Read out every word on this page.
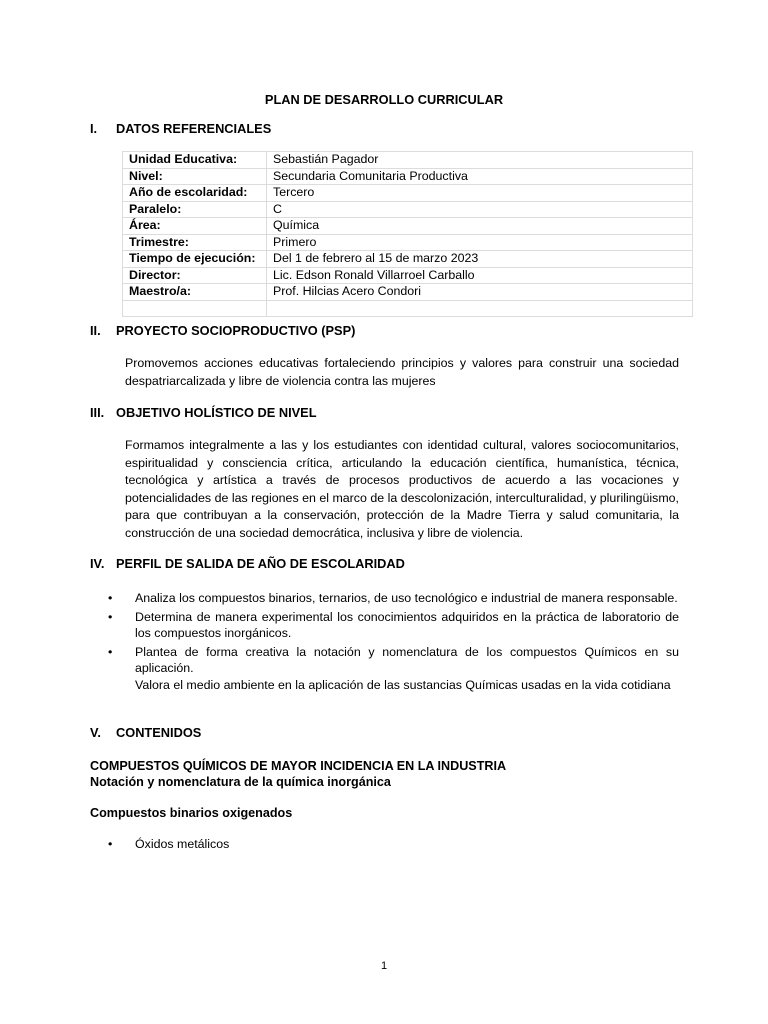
PLAN DE DESARROLLO CURRICULAR
I. DATOS REFERENCIALES
Unidad Educativa:	Sebastián Pagador
Nivel:	Secundaria Comunitaria Productiva
Año de escolaridad:	Tercero
Paralelo:	C
Área:	Química
Trimestre:	Primero
Tiempo de ejecución:	Del 1 de febrero al 15 de marzo 2023
Director:	Lic. Edson Ronald Villarroel Carballo
Maestro/a:	Prof. Hilcias Acero Condori

II. PROYECTO SOCIOPRODUCTIVO (PSP)
Promovemos acciones educativas fortaleciendo principios y valores para construir una sociedad despatriarcalizada y libre de violencia contra las mujeres
III. OBJETIVO HOLÍSTICO DE NIVEL
Formamos integralmente a las y los estudiantes con identidad cultural, valores sociocomunitarios, espiritualidad y consciencia crítica, articulando la educación científica, humanística, técnica, tecnológica y artística a través de procesos productivos de acuerdo a las vocaciones y potencialidades de las regiones en el marco de la descolonización, interculturalidad, y plurilingüismo, para que contribuyan a la conservación, protección de la Madre Tierra y salud comunitaria, la construcción de una sociedad democrática, inclusiva y libre de violencia.
IV. PERFIL DE SALIDA DE AÑO DE ESCOLARIDAD
• Analiza los compuestos binarios, ternarios, de uso tecnológico e industrial de manera responsable.
• Determina de manera experimental los conocimientos adquiridos en la práctica de laboratorio de los compuestos inorgánicos.
• Plantea de forma creativa la notación y nomenclatura de los compuestos Químicos en su aplicación.
Valora el medio ambiente en la aplicación de las sustancias Químicas usadas en la vida cotidiana
V. CONTENIDOS
COMPUESTOS QUÍMICOS DE MAYOR INCIDENCIA EN LA INDUSTRIA
Notación y nomenclatura de la química inorgánica
Compuestos binarios oxigenados
• Óxidos metálicos
1
